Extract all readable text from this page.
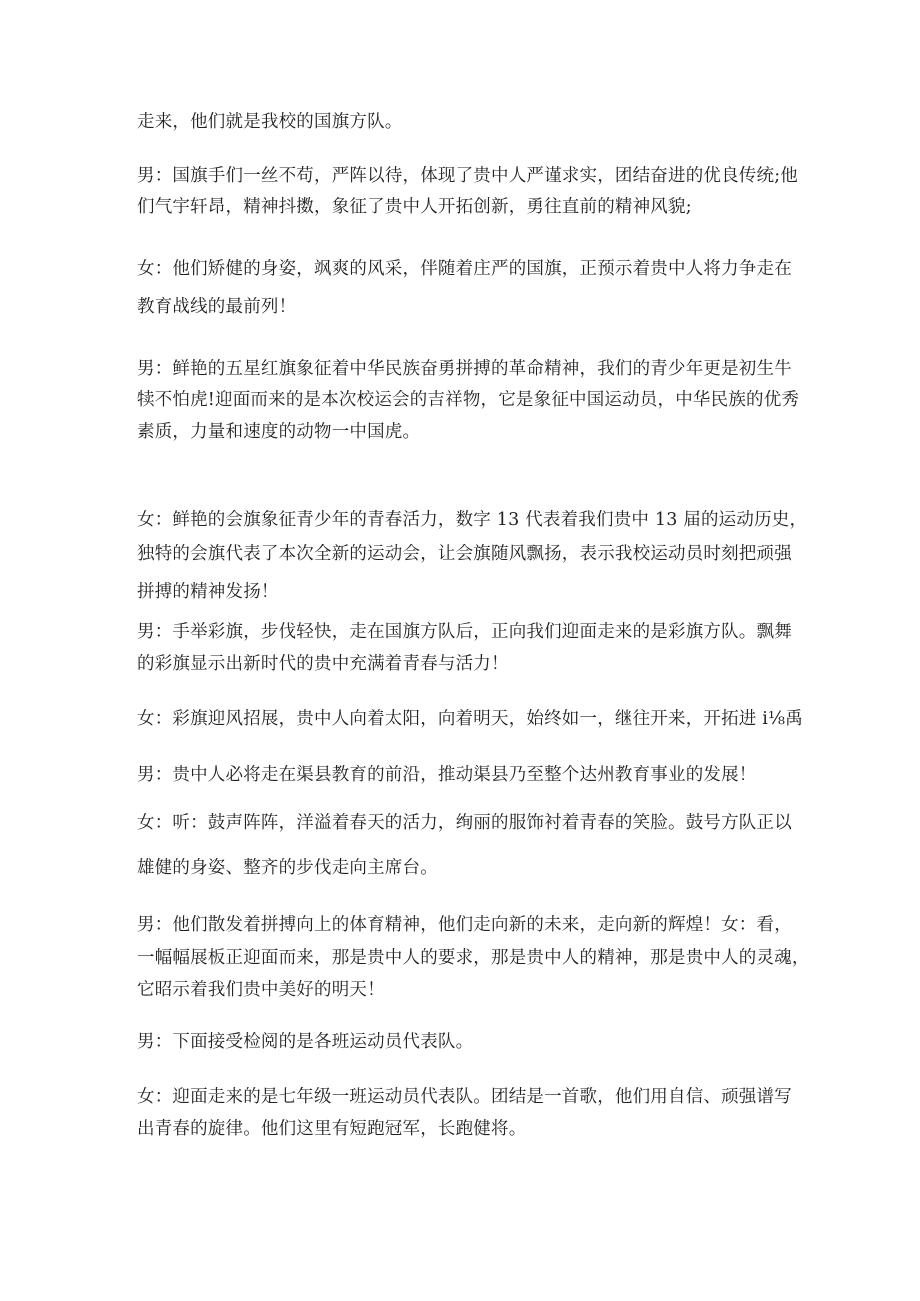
走来，他们就是我校的国旗方队。
男：国旗手们一丝不苟，严阵以待，体现了贵中人严谨求实，团结奋进的优良传统;他
们气宇轩昂，精神抖擞，象征了贵中人开拓创新，勇往直前的精神风貌;
女：他们矫健的身姿，飒爽的风采，伴随着庄严的国旗，正预示着贵中人将力争走在
教育战线的最前列！
男：鲜艳的五星红旗象征着中华民族奋勇拼搏的革命精神，我们的青少年更是初生牛
犊不怕虎!迎面而来的是本次校运会的吉祥物，它是象征中国运动员，中华民族的优秀
素质，力量和速度的动物一中国虎。
女：鲜艳的会旗象征青少年的青春活力，数字 13 代表着我们贵中 13 届的运动历史，
独特的会旗代表了本次全新的运动会，让会旗随风飘扬，表示我校运动员时刻把顽强
拼搏的精神发扬！
男：手举彩旗，步伐轻快，走在国旗方队后，正向我们迎面走来的是彩旗方队。飘舞
的彩旗显示出新时代的贵中充满着青春与活力！
女：彩旗迎风招展，贵中人向着太阳，向着明天，始终如一，继往开来，开拓进 i⅛禹
男：贵中人必将走在渠县教育的前沿，推动渠县乃至整个达州教育事业的发展！
女：听：鼓声阵阵，洋溢着春天的活力，绚丽的服饰衬着青春的笑脸。鼓号方队正以
雄健的身姿、整齐的步伐走向主席台。
男：他们散发着拼搏向上的体育精神，他们走向新的未来，走向新的辉煌！女：看，
一幅幅展板正迎面而来，那是贵中人的要求，那是贵中人的精神，那是贵中人的灵魂，
它昭示着我们贵中美好的明天！
男：下面接受检阅的是各班运动员代表队。
女：迎面走来的是七年级一班运动员代表队。团结是一首歌，他们用自信、顽强谱写
出青春的旋律。他们这里有短跑冠军，长跑健将。
